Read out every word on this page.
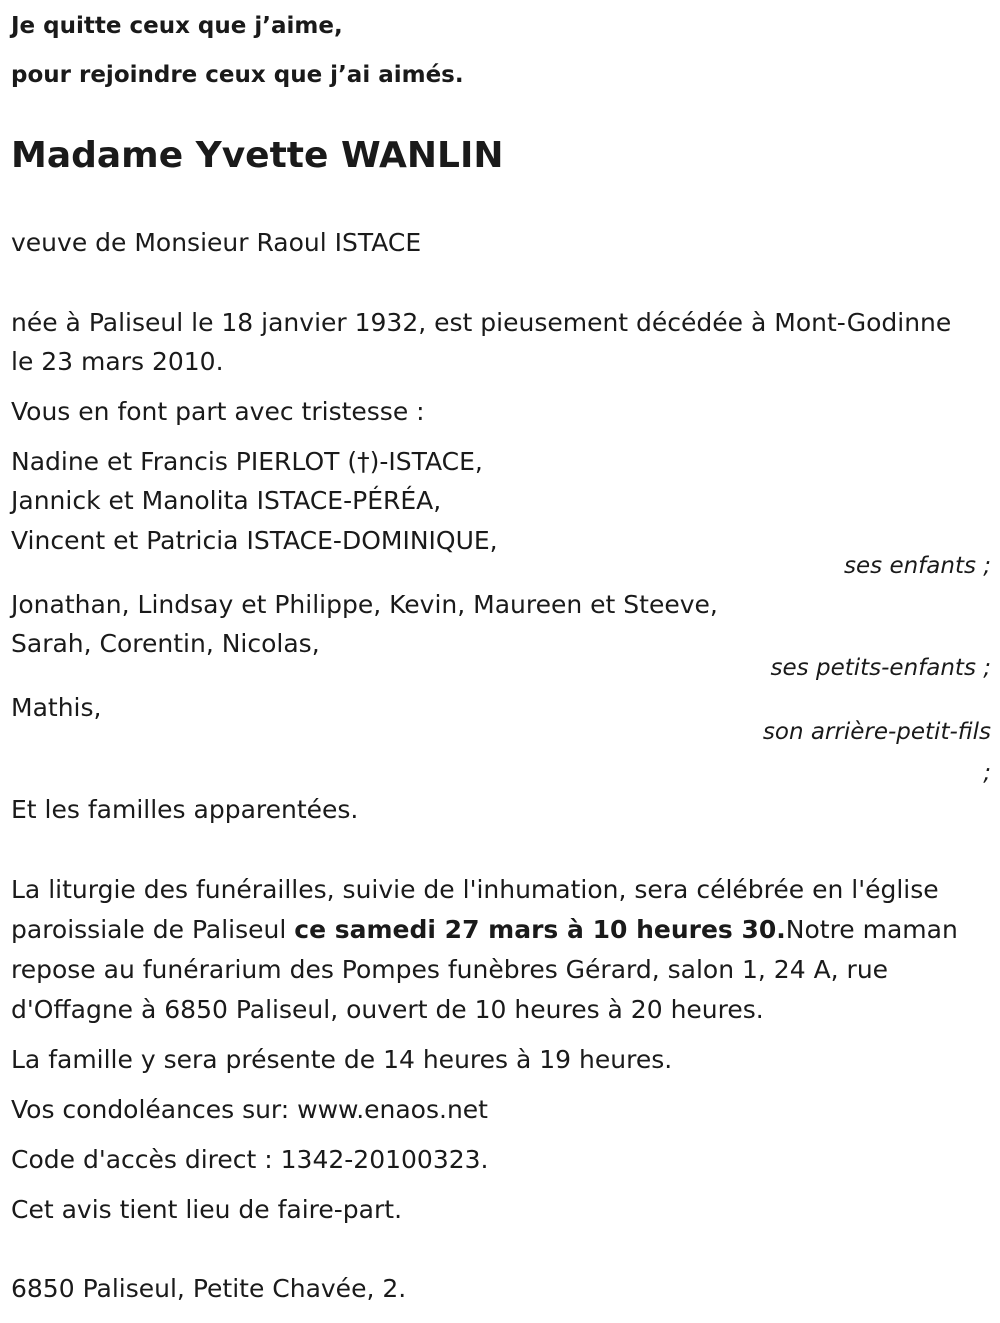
Je quitte ceux que j’aime,
pour rejoindre ceux que j’ai aimés.
Madame Yvette WANLIN
veuve de Monsieur Raoul ISTACE
née à Paliseul le 18 janvier 1932, est pieusement décédée à Mont-Godinne
le 23 mars 2010.
Vous en font part avec tristesse :
Nadine et Francis PIERLOT (†)-ISTACE,
Jannick et Manolita ISTACE-PÉRÉA,
Vincent et Patricia ISTACE-DOMINIQUE,
ses enfants ;
Jonathan, Lindsay et Philippe, Kevin, Maureen et Steeve,
Sarah, Corentin, Nicolas,
ses petits-enfants ;
Mathis,
son arrière-petit-fils
;
Et les familles apparentées.
La liturgie des funérailles, suivie de l'inhumation, sera célébrée en l'église
paroissiale de Paliseul ce samedi 27 mars à 10 heures 30.Notre maman
repose au funérarium des Pompes funèbres Gérard, salon 1, 24 A, rue
d'Offagne à 6850 Paliseul, ouvert de 10 heures à 20 heures.
La famille y sera présente de 14 heures à 19 heures.
Vos condoléances sur: www.enaos.net
Code d'accès direct : 1342-20100323.
Cet avis tient lieu de faire-part.
6850 Paliseul, Petite Chavée, 2.
